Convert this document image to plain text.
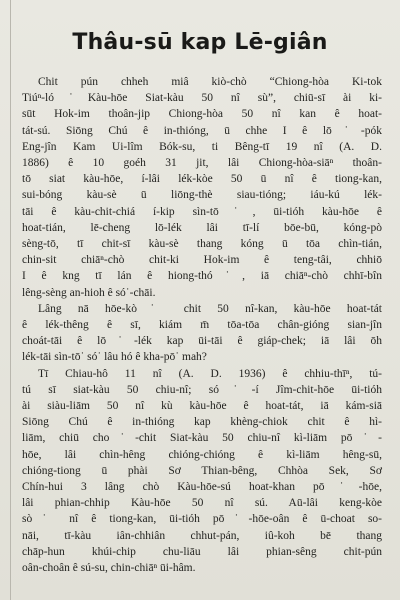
Thâu-sū kap Lē-giân
Chit pún chheh miâ kiò-chò “Chiong-hòa Ki-tok
Tiúⁿ-ló˙Kàu-hōe Siat-kàu 50 nî sù”, chiū-sī ài ki-
sūt Hok-im thoân-jip Chiong-hòa 50 nî kan ê hoat-
tát-sú. Siōng Chú ê in-thióng, ū chhe I ê lō˙-pók
Eng-jîn Kam Ui-lîm Bók-su, ti Bêng-tī 19 nî (A. D.
1886) ê 10 goéh 31 jit, lâi Chiong-hòa-siāⁿ thoân-
tō siat kàu-hōe, í-lâi lék-kòe 50 ū nî ê tiong-kan,
sui-bóng kàu-sè ū liōng-thè siau-tióng; iáu-kú lék-
tāi ê kàu-chit-chiá í-kip sìn-tō˙, ūi-tióh kàu-hōe ê
hoat-tián, lē-cheng lō-lék lâi tī-lí bōe-bū, kóng-pò
sèng-tō, tī chit-sī kàu-sè thang kóng ū tōa chìn-tián,
chin-sit chiāⁿ-chò chit-ki Hok-im ê teng-tâi, chhiō
I ê kng tī lán ê hiong-thó˙, iā chiāⁿ-chò chhī-bîn
lêng-sèng an-hioh ê só˙-chāi.
Lâng nā hōe-kò˙ chit 50 nî-kan, kàu-hōe hoat-tát
ê lék-thêng ê sī, kiám m̄ tōa-tōa chân-gióng sian-jîn
choát-tāi ê lō˙-lék kap ūi-tāi ê giáp-chek; iā lâi ōh
lék-tāi sìn-tō˙ só˙ lâu hó ê kha-pō˙ mah?
Tī Chiau-hô 11 nî (A. D. 1936) ê chhiu-thīⁿ, tú-
tú sī siat-kàu 50 chiu-nî; só˙-í Jîm-chit-hōe ūi-tióh
ài siàu-liām 50 nî kù kàu-hōe ê hoat-tát, iā kám-siā
Siōng Chú ê in-thióng kap khèng-chiok chit ê hì-
liām, chiū cho˙-chit Siat-kàu 50 chiu-nî kì-liām pō˙-
hōe, lâi chìn-hêng chióng-chióng ê kì-liām hêng-sū,
chióng-tiong ū phài Sơ Thian-bêng, Chhòa Sek, Sơ
Chín-hui 3 lâng chò Kàu-hōe-sú hoat-khan pō˙-hōe,
lâi phian-chhip Kàu-hōe 50 nî sú. Aū-lâi keng-kòe
sò˙ nî ê tiong-kan, ūi-tióh pō˙-hōe-oân ê ū-choat so-
nāi, tī-kàu iân-chhiân chhut-pán, iû-koh bē thang
chāp-hun khúi-chip chu-liāu lâi phian-sêng chit-pún
oân-choân ê sú-su, chin-chiāⁿ ūi-hâm.
